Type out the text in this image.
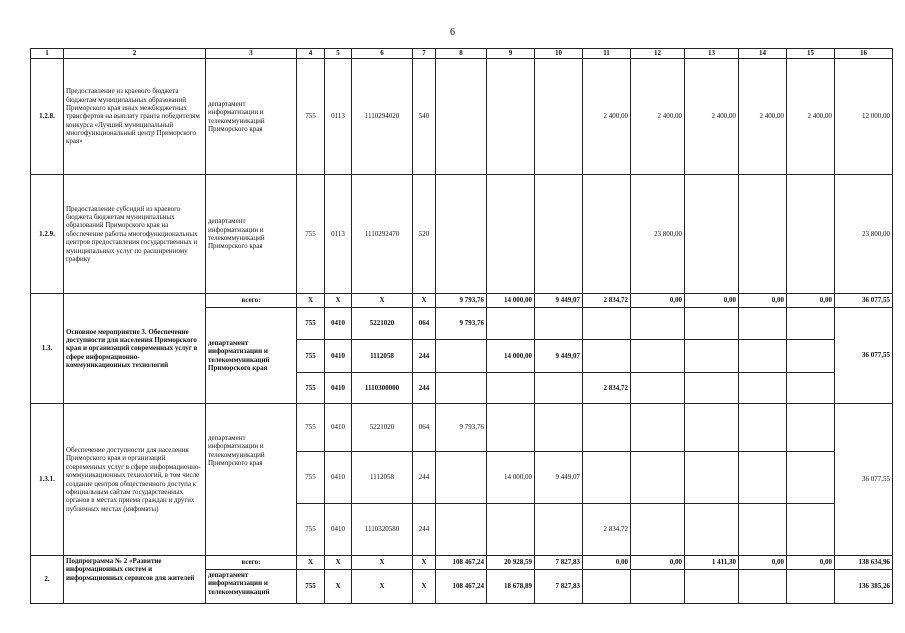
6
1	2	3	4	5	6	7	8	9	10	11	12	13	14	15	16
1.2.8.	Предоставление из краевого бюджета бюджетам муниципальных образований Приморского края иных межбюджетных трансфертов на выплату гранта победителям конкурса «Лучший муниципальный многофункциональный центр Приморского края»	департамент информатизации и телекоммуникаций Приморского края	755	0113	1110294020	540				2 400,00	2 400,00	2 400,00	2 400,00	2 400,00	12 000,00
1.2.9.	Предоставление субсидий из краевого бюджета бюджетам муниципальных образований Приморского края на обеспечение работы многофункциональных центров предоставления государственных и муниципальных услуг по расширенному графику	департамент информатизации и телекоммуникаций Приморского края	755	0113	1110292470	520					23 800,00				23 800,00
1.3.	Основное мероприятие 3. Обеспечение доступности для населения Приморского края и организаций современных услуг в сфере информационно-коммуникационных технологий	всего:	X	X	X	X	9 793,76	14 000,00	9 449,07	2 834,72	0,00	0,00	0,00	0,00	36 077,55
		департамент информатизации и телекоммуникаций Приморского края	755	0410	5221020	064	9 793,76								36 077,55
			755	0410	1112058	244		14 000,00	9 449,07						
			755	0410	1110300000	244				2 834,72					
1.3.1.	Обеспечение доступности для населения Приморского края и организаций современных услуг в сфере информационно-коммуникационных технологий, в том числе создание центров общественного доступа к официальным сайтам государственных органов в местах приема граждан и других публичных местах (инфоматы)	департамент информатизации и телекоммуникаций Приморского края	755	0410	5221020	064	9 793,76								36 077,55
			755	0410	1112058	244		14 000,00	9 449,07						
			755	0410	1110320580	244				2 834,72					
2.	Подпрограмма № 2 «Развитие информационных систем и информационных сервисов для жителей	всего:	X	X	X	X	108 467,24	20 928,59	7 827,83	0,00	0,00	1 411,30	0,00	0,00	138 634,96
		департамент информатизации и телекоммуникаций	755	X	X	X	108 467,24	18 678,89	7 827,83						136 385,26
